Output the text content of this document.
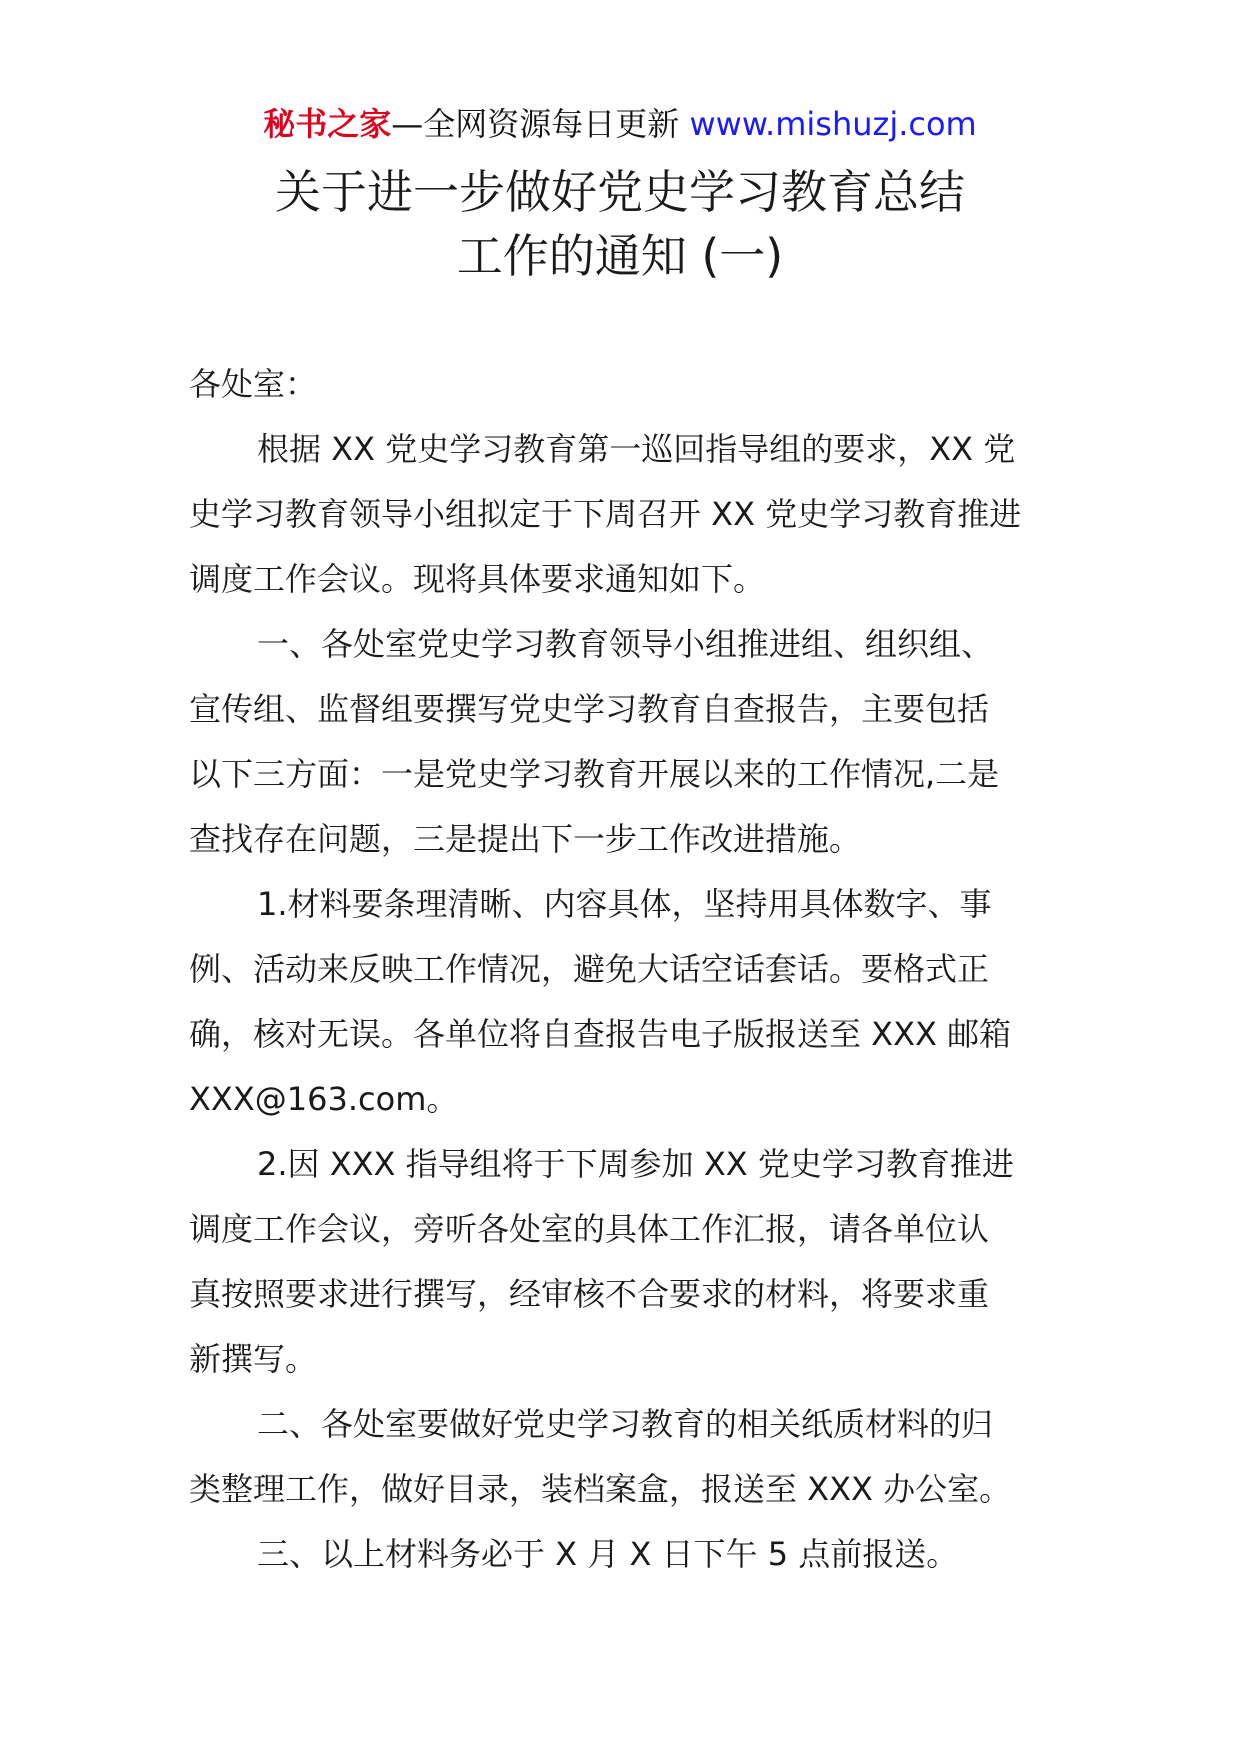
秘书之家—全网资源每日更新 www.mishuzj.com
关于进一步做好党史学习教育总结
工作的通知 (一)

各处室：

根据 XX 党史学习教育第一巡回指导组的要求，XX 党
史学习教育领导小组拟定于下周召开 XX 党史学习教育推进
调度工作会议。现将具体要求通知如下。
一、各处室党史学习教育领导小组推进组、组织组、
宣传组、监督组要撰写党史学习教育自查报告，主要包括
以下三方面：一是党史学习教育开展以来的工作情况,二是
查找存在问题，三是提出下一步工作改进措施。
1.材料要条理清晰、内容具体，坚持用具体数字、事
例、活动来反映工作情况，避免大话空话套话。要格式正
确，核对无误。各单位将自查报告电子版报送至 XXX 邮箱
XXX@163.com。
2.因 XXX 指导组将于下周参加 XX 党史学习教育推进
调度工作会议，旁听各处室的具体工作汇报，请各单位认
真按照要求进行撰写，经审核不合要求的材料，将要求重
新撰写。
二、各处室要做好党史学习教育的相关纸质材料的归
类整理工作，做好目录，装档案盒，报送至 XXX 办公室。
三、以上材料务必于 X 月 X 日下午 5 点前报送。
